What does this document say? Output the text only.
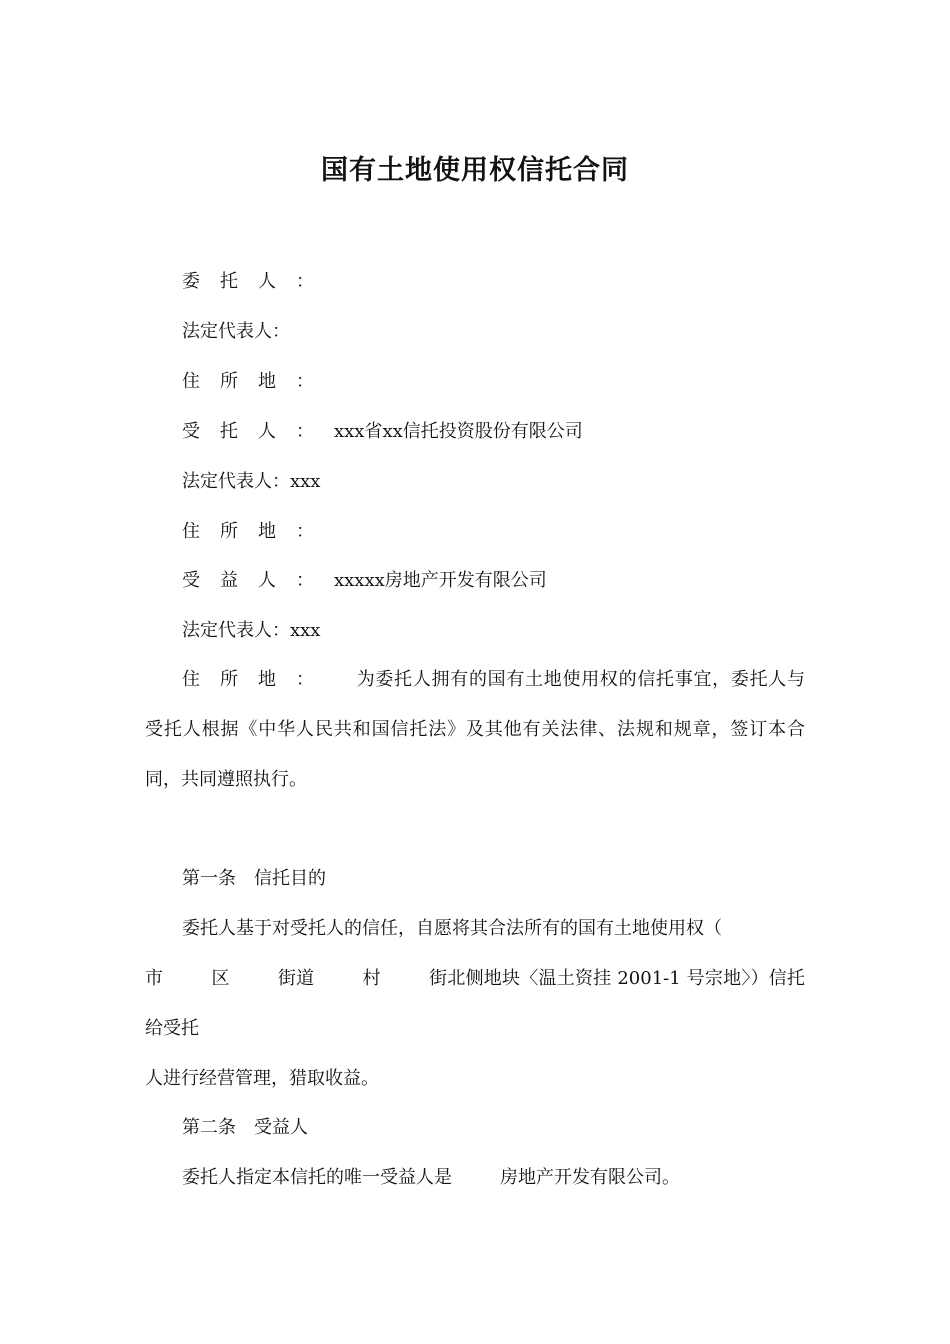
国有土地使用权信托合同
委托人：
法定代表人：
住所地：
受托人：xxx省xx信托投资股份有限公司
法定代表人：xxx
住所地：
受益人：xxxxx房地产开发有限公司
法定代表人：xxx
住所地： 为委托人拥有的国有土地使用权的信托事宜，委托人与受托人根据《中华人民共和国信托法》及其他有关法律、法规和规章，签订本合同，共同遵照执行。
第一条　信托目的
委托人基于对受托人的信任，自愿将其合法所有的国有土地使用权（
市	区	街道	村	街北侧地块〈温土资挂 2001-1 号宗地〉）信托给受托
人进行经营管理，猎取收益。
第二条　受益人
委托人指定本信托的唯一受益人是	房地产开发有限公司。
